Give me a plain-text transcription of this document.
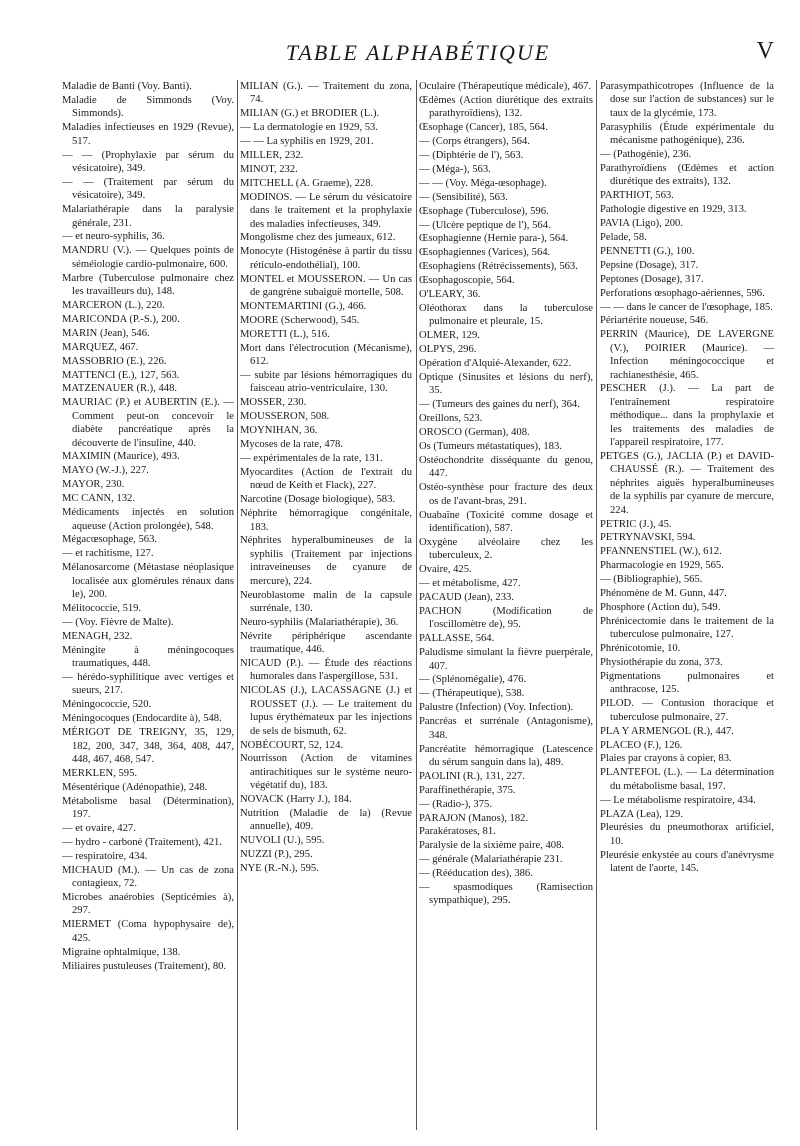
TABLE ALPHABÉTIQUE	V

Maladie de Banti (Voy. Banti).

Maladie de Simmonds (Voy. Simmonds).

Maladies infectieuses en 1929 (Revue), 517.

— — (Prophylaxie par sérum du vésicatoire), 349.

— — (Traitement par sérum du vésicatoire), 349.

Malariathérapie dans la paralysie générale, 231.

— et neuro-syphilis, 36.

MANDRU (V.). — Quelques points de séméiologie cardio-pulmonaire, 600.

Marbre (Tuberculose pulmonaire chez les travailleurs du), 148.

MARCERON (L.), 220.

MARICONDA (P.-S.), 200.

MARIN (Jean), 546.

MARQUEZ, 467.

MASSOBRIO (E.), 226.

MATTENCI (E.), 127, 563.

MATZENAUER (R.), 448.

MAURIAC (P.) et AUBERTIN (E.). — Comment peut-on concevoir le diabète pancréatique après la découverte de l'insuline, 440.

MAXIMIN (Maurice), 493.

MAYO (W.-J.), 227.

MAYOR, 230.

MC CANN, 132.

Médicaments injectés en solution aqueuse (Action prolongée), 548.

Mégacœsophage, 563.

— et rachitisme, 127.

Mélanosarcome (Métastase néoplasique localisée aux glomérules rénaux dans le), 200.

Mélitococcie, 519.

— (Voy. Fièvre de Malte).

MENAGH, 232.

Méningite à méningocoques traumatiques, 448.

— hérédo-syphilitique avec vertiges et sueurs, 217.

Méningococcie, 520.

Méningocoques (Endocardite à), 548.

MÉRIGOT DE TREIGNY, 35, 129, 182, 200, 347, 348, 364, 408, 447, 448, 467, 468, 547.

MERKLEN, 595.

Mésentérique (Adénopathie), 248.

Métabolisme basal (Détermination), 197.

— et ovaire, 427.

— hydro - carboné (Traitement), 421.

— respiratoire, 434.

MICHAUD (M.). — Un cas de zona contagieux, 72.

Microbes anaérobies (Septicémies à), 297.

MIERMET (Coma hypophysaire de), 425.

Migraine ophtalmique, 138.

Miliaires pustuleuses (Traitement), 80.

MILIAN (G.). — Traitement du zona, 74.

MILIAN (G.) et BRODIER (L.).

— La dermatologie en 1929, 53.

— — La syphilis en 1929, 201.

MILLER, 232.

MINOT, 232.

MITCHELL (A. Graeme), 228.

MODINOS. — Le sérum du vésicatoire dans le traitement et la prophylaxie des maladies infectieuses, 349.

Mongolisme chez des jumeaux, 612.

Monocyte (Histogénèse à partir du tissu réticulo-endothélial), 100.

MONTEL et MOUSSERON. — Un cas de gangrène subaiguë mortelle, 508.

MONTEMARTINI (G.), 466.

MOORE (Scherwood), 545.

MORETTI (L.), 516.

Mort dans l'électrocution (Mécanisme), 612.

— subite par lésions hémorragiques du faisceau atrio-ventriculaire, 130.

MOSSER, 230.

MOUSSERON, 508.

MOYNIHAN, 36.

Mycoses de la rate, 478.

— expérimentales de la rate, 131.

Myocardites (Action de l'extrait du nœud de Keith et Flack), 227.

Narcotine (Dosage biologique), 583.

Néphrite hémorragique congénitale, 183.

Néphrites hyperalbumineuses de la syphilis (Traitement par injections intraveineuses de cyanure de mercure), 224.

Neuroblastome malin de la capsule surrénale, 130.

Neuro-syphilis (Malariathérapie), 36.

Névrite périphérique ascendante traumatique, 446.

NICAUD (P.). — Étude des réactions humorales dans l'aspergillose, 531.

NICOLAS (J.), LACASSAGNE (J.) et ROUSSET (J.). — Le traitement du lupus érythémateux par les injections de sels de bismuth, 62.

NOBÉCOURT, 52, 124.

Nourrisson (Action de vitamines antirachitiques sur le système neuro-végétatif du), 183.

NOVACK (Harry J.), 184.

Nutrition (Maladie de la) (Revue annuelle), 409.

NUVOLI (U.), 595.

NUZZI (P.), 295.

NYE (R.-N.), 595.

Oculaire (Thérapeutique médicale), 467.

Œdèmes (Action diurétique des extraits parathyroïdiens), 132.

Œsophage (Cancer), 185, 564.

— (Corps étrangers), 564.

— (Diphtérie de l'), 563.

— (Méga-), 563.

— — (Voy. Méga-œsophage).

— (Sensibilité), 563.

Œsophage (Tuberculose), 596.

— (Ulcère peptique de l'), 564.

Œsophagienne (Hernie para-), 564.

Œsophagiennes (Varices), 564.

Œsophagiens (Rétrécissements), 563.

Œsophagoscopie, 564.

O'LEARY, 36.

Oléothorax dans la tuberculose pulmonaire et pleurale, 15.

OLMER, 129.

OLPYS, 296.

Opération d'Alquié-Alexander, 622.

Optique (Sinusites et lésions du nerf), 35.

— (Tumeurs des gaines du nerf), 364.

Oreillons, 523.

OROSCO (German), 408.

Os (Tumeurs métastatiques), 183.

Ostéochondrite disséquante du genou, 447.

Ostéo-synthèse pour fracture des deux os de l'avant-bras, 291.

Ouabaïne (Toxicité comme dosage et identification), 587.

Oxygène alvéolaire chez les tuberculeux, 2.

Ovaire, 425.

— et métabolisme, 427.

PACAUD (Jean), 233.

PACHON (Modification de l'oscillomètre de), 95.

PALLASSE, 564.

Paludisme simulant la fièvre puerpérale, 407.

— (Splénomégalie), 476.

— (Thérapeutique), 538.

Palustre (Infection) (Voy. Infection).

Pancréas et surrénale (Antagonisme), 348.

Pancréatite hémorragique (Latescence du sérum sanguin dans la), 489.

PAOLINI (R.), 131, 227.

Paraffinethérapie, 375.

— (Radio-), 375.

PARAJON (Manos), 182.

Parakératoses, 81.

Paralysie de la sixième paire, 408.

— générale (Malariathérapie 231.

— (Rééducation des), 386.

— spasmodiques (Ramisection sympathique), 295.

Parasympathicotropes (Influence de la dose sur l'action de substances) sur le taux de la glycémie, 173.

Parasyphilis (Étude expérimentale du mécanisme pathogénique), 236.

— (Pathogénie), 236.

Parathyroïdiens (Œdèmes et action diurétique des extraits), 132.

PARTHIOT, 563.

Pathologie digestive en 1929, 313.

PAVIA (Ligo), 200.

Pelade, 58.

PENNETTI (G.), 100.

Pepsine (Dosage), 317.

Peptones (Dosage), 317.

Perforations œsophago-aériennes, 596.

— — dans le cancer de l'œsophage, 185.

Périartérite noueuse, 546.

PERRIN (Maurice), DE LAVERGNE (V.), POIRIER (Maurice). — Infection méningococcique et rachianesthésie, 465.

PESCHER (J.). — La part de l'entraînement respiratoire méthodique... dans la prophylaxie et les traitements des maladies de l'appareil respiratoire, 177.

PETGES (G.), JACLIA (P.) et DAVID-CHAUSSÉ (R.). — Traitement des néphrites aiguës hyperalbumineuses de la syphilis par cyanure de mercure, 224.

PETRIC (J.), 45.

PETRYNAVSKI, 594.

PFANNENSTIEL (W.), 612.

Pharmacologie en 1929, 565.

— (Bibliographie), 565.

Phénomène de M. Gunn, 447.

Phosphore (Action du), 549.

Phrénicectomie dans le traitement de la tuberculose pulmonaire, 127.

Phrénicotomie, 10.

Physiothérapie du zona, 373.

Pigmentations pulmonaires et anthracose, 125.

PILOD. — Contusion thoracique et tuberculose pulmonaire, 27.

PLA Y ARMENGOL (R.), 447.

PLACEO (F.), 126.

Plaies par crayons à copier, 83.

PLANTEFOL (L.). — La détermination du métabolisme basal, 197.

— Le métabolisme respiratoire, 434.

PLAZA (Lea), 129.

Pleurésies du pneumothorax artificiel, 10.

Pleurésie enkystée au cours d'anévrysme latent de l'aorte, 145.
